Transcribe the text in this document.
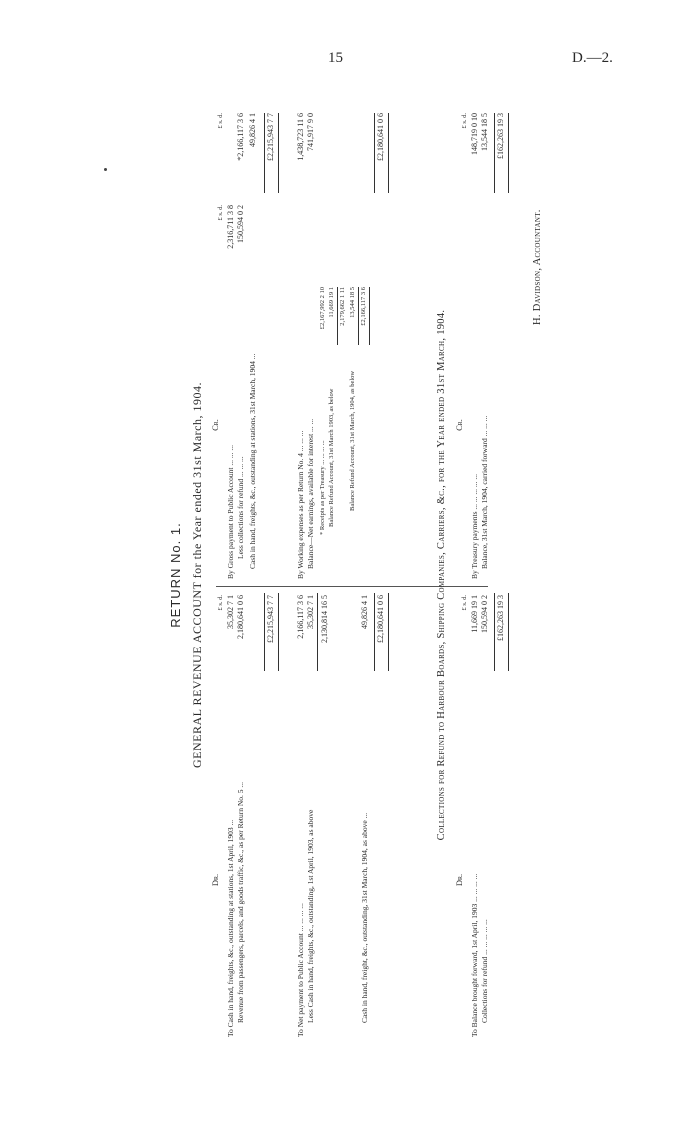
15	D.—2.
RETURN No. 1. GENERAL REVENUE ACCOUNT for the Year ended 31st March, 1904.
Dr.
Cr.
£ s. d.
£ s. d.
£ s. d.
To Cash in hand, freights, &c., outstanding at stations, 1st April, 1903 ...
35,302 7 1
Revenue from passengers, parcels, and goods traffic, &c., as per Return No. 5 ...
2,180,641 0 6	£2,215,943 7 7
To Net payment to Public Account ... ... ... ...
2,166,117 3 6
Less Cash in hand, freights, &c., outstanding, 1st April, 1903, as above
35,302 7 1 2,130,814 16 5
Cash in hand, freight, &c., outstanding, 31st March, 1904, as above ...
49,826 4 1 £2,180,641 0 6
By Gross payment to Public Account ... ... ...
2,316,711 3 8
Less collections for refund ... ... ...
150,594 0 2
*2,166,117 3 6
Cash in hand, freights, &c., outstanding at stations, 31st March, 1904 ...
49,826 4 1 £2,215,943 7 7
By Working expenses as per Return No. 4 ... ... ...
1,438,723 11 6
Balance—Net earnings, available for interest ... ...
741,917 9 0
* Receipts as per Treasury ... ... ... ...
£2,167,992 2 10
Balance Refund Account, 31st March 1903, as below
11,669 19 1 2,179,662 1 11
Balance Refund Account, 31st March, 1904, as below
13,544 18 5 £2,166,117 3 6
£2,180,641 0 6
Collections for Refund to Harbour Boards, Shipping Companies, Carriers, &c., for the Year ended 31st March, 1904.
Dr.
Cr.
£ s. d.
£ s. d.
To Balance brought forward, 1st April, 1903 ... ... ... ...
11,669 19 1
Collections for refund ... ... ... ... ...
150,594 0 2 £162,263 19 3
By Treasury payments ... ... ... ... ...
148,719 0 10
Balance, 31st March, 1904, carried forward ... ... ...
13,544 18 5 £162,263 19 3
H. Davidson, Accountant.
